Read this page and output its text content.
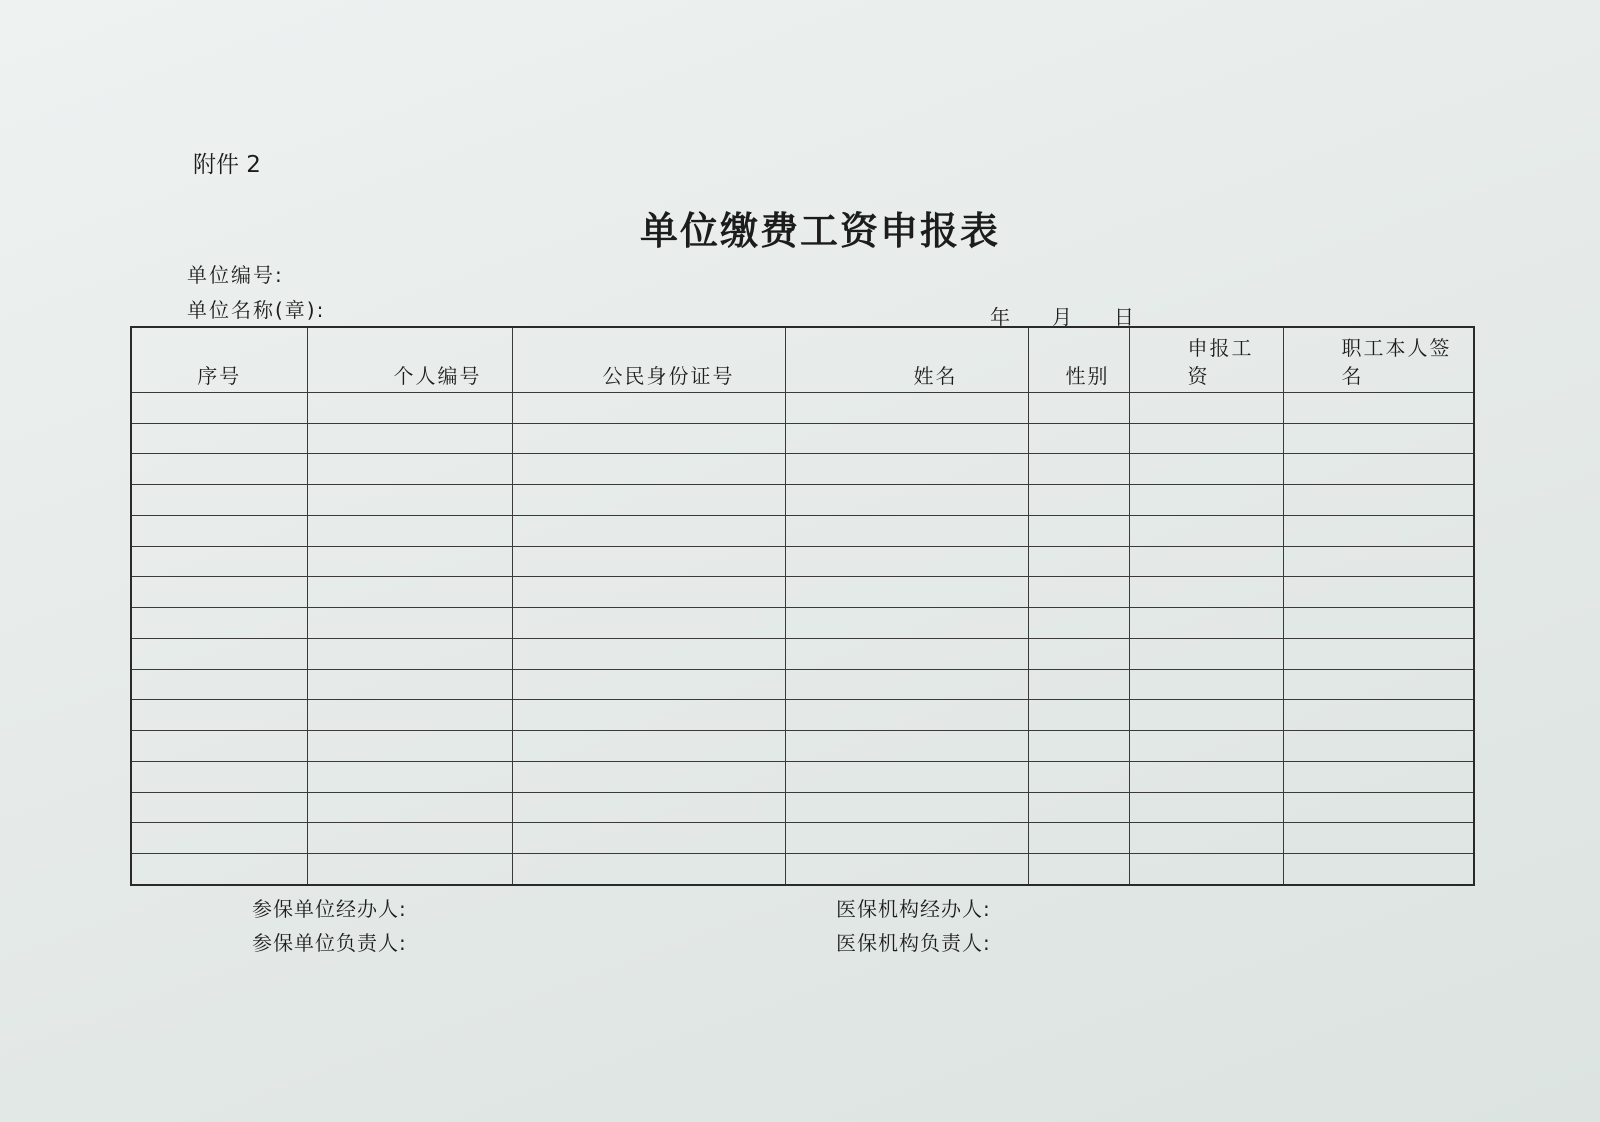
附件 2
单位缴费工资申报表
单位编号:
单位名称(章):	年 月 日
序号	个人编号	公民身份证号	姓名	性别	申报工资	职工本人签名

参保单位经办人:
参保单位负责人:
医保机构经办人:
医保机构负责人:
